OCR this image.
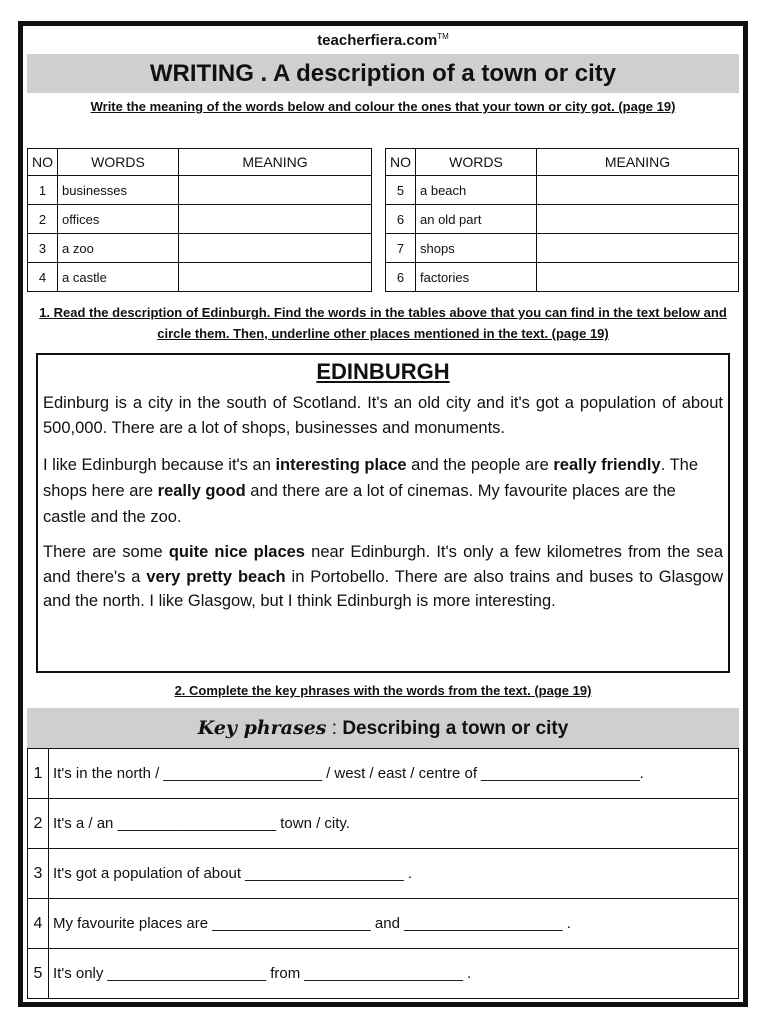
teacherfiera.com™
WRITING . A description of a town or city
Write the meaning of the words below and colour the ones that your town or city got. (page 19)
NO	WORDS	MEANING
1	businesses	
2	offices	
3	a zoo	
4	a castle	
NO	WORDS	MEANING
5	a beach	
6	an old part	
7	shops	
6	factories	
1. Read the description of Edinburgh. Find the words in the tables above that you can find in the text below and circle them. Then, underline other places mentioned in the text. (page 19)
EDINBURGH

Edinburg is a city in the south of Scotland. It's an old city and it's got a population of about 500,000. There are a lot of shops, businesses and monuments.

I like Edinburgh because it's an interesting place and the people are really friendly. The shops here are really good and there are a lot of cinemas. My favourite places are the castle and the zoo.

There are some quite nice places near Edinburgh. It's only a few kilometres from the sea and there's a very pretty beach in Portobello. There are also trains and buses to Glasgow and the north. I like Glasgow, but I think Edinburgh is more interesting.

2. Complete the key phrases with the words from the text. (page 19)
Key phrases : Describing a town or city
1	It's in the north / ___________________ / west / east / centre of ___________________.
2	It's a / an ___________________ town / city.
3	It's got a population of about ___________________ .
4	My favourite places are ___________________ and ___________________ .
5	It's only ___________________ from ___________________ .
